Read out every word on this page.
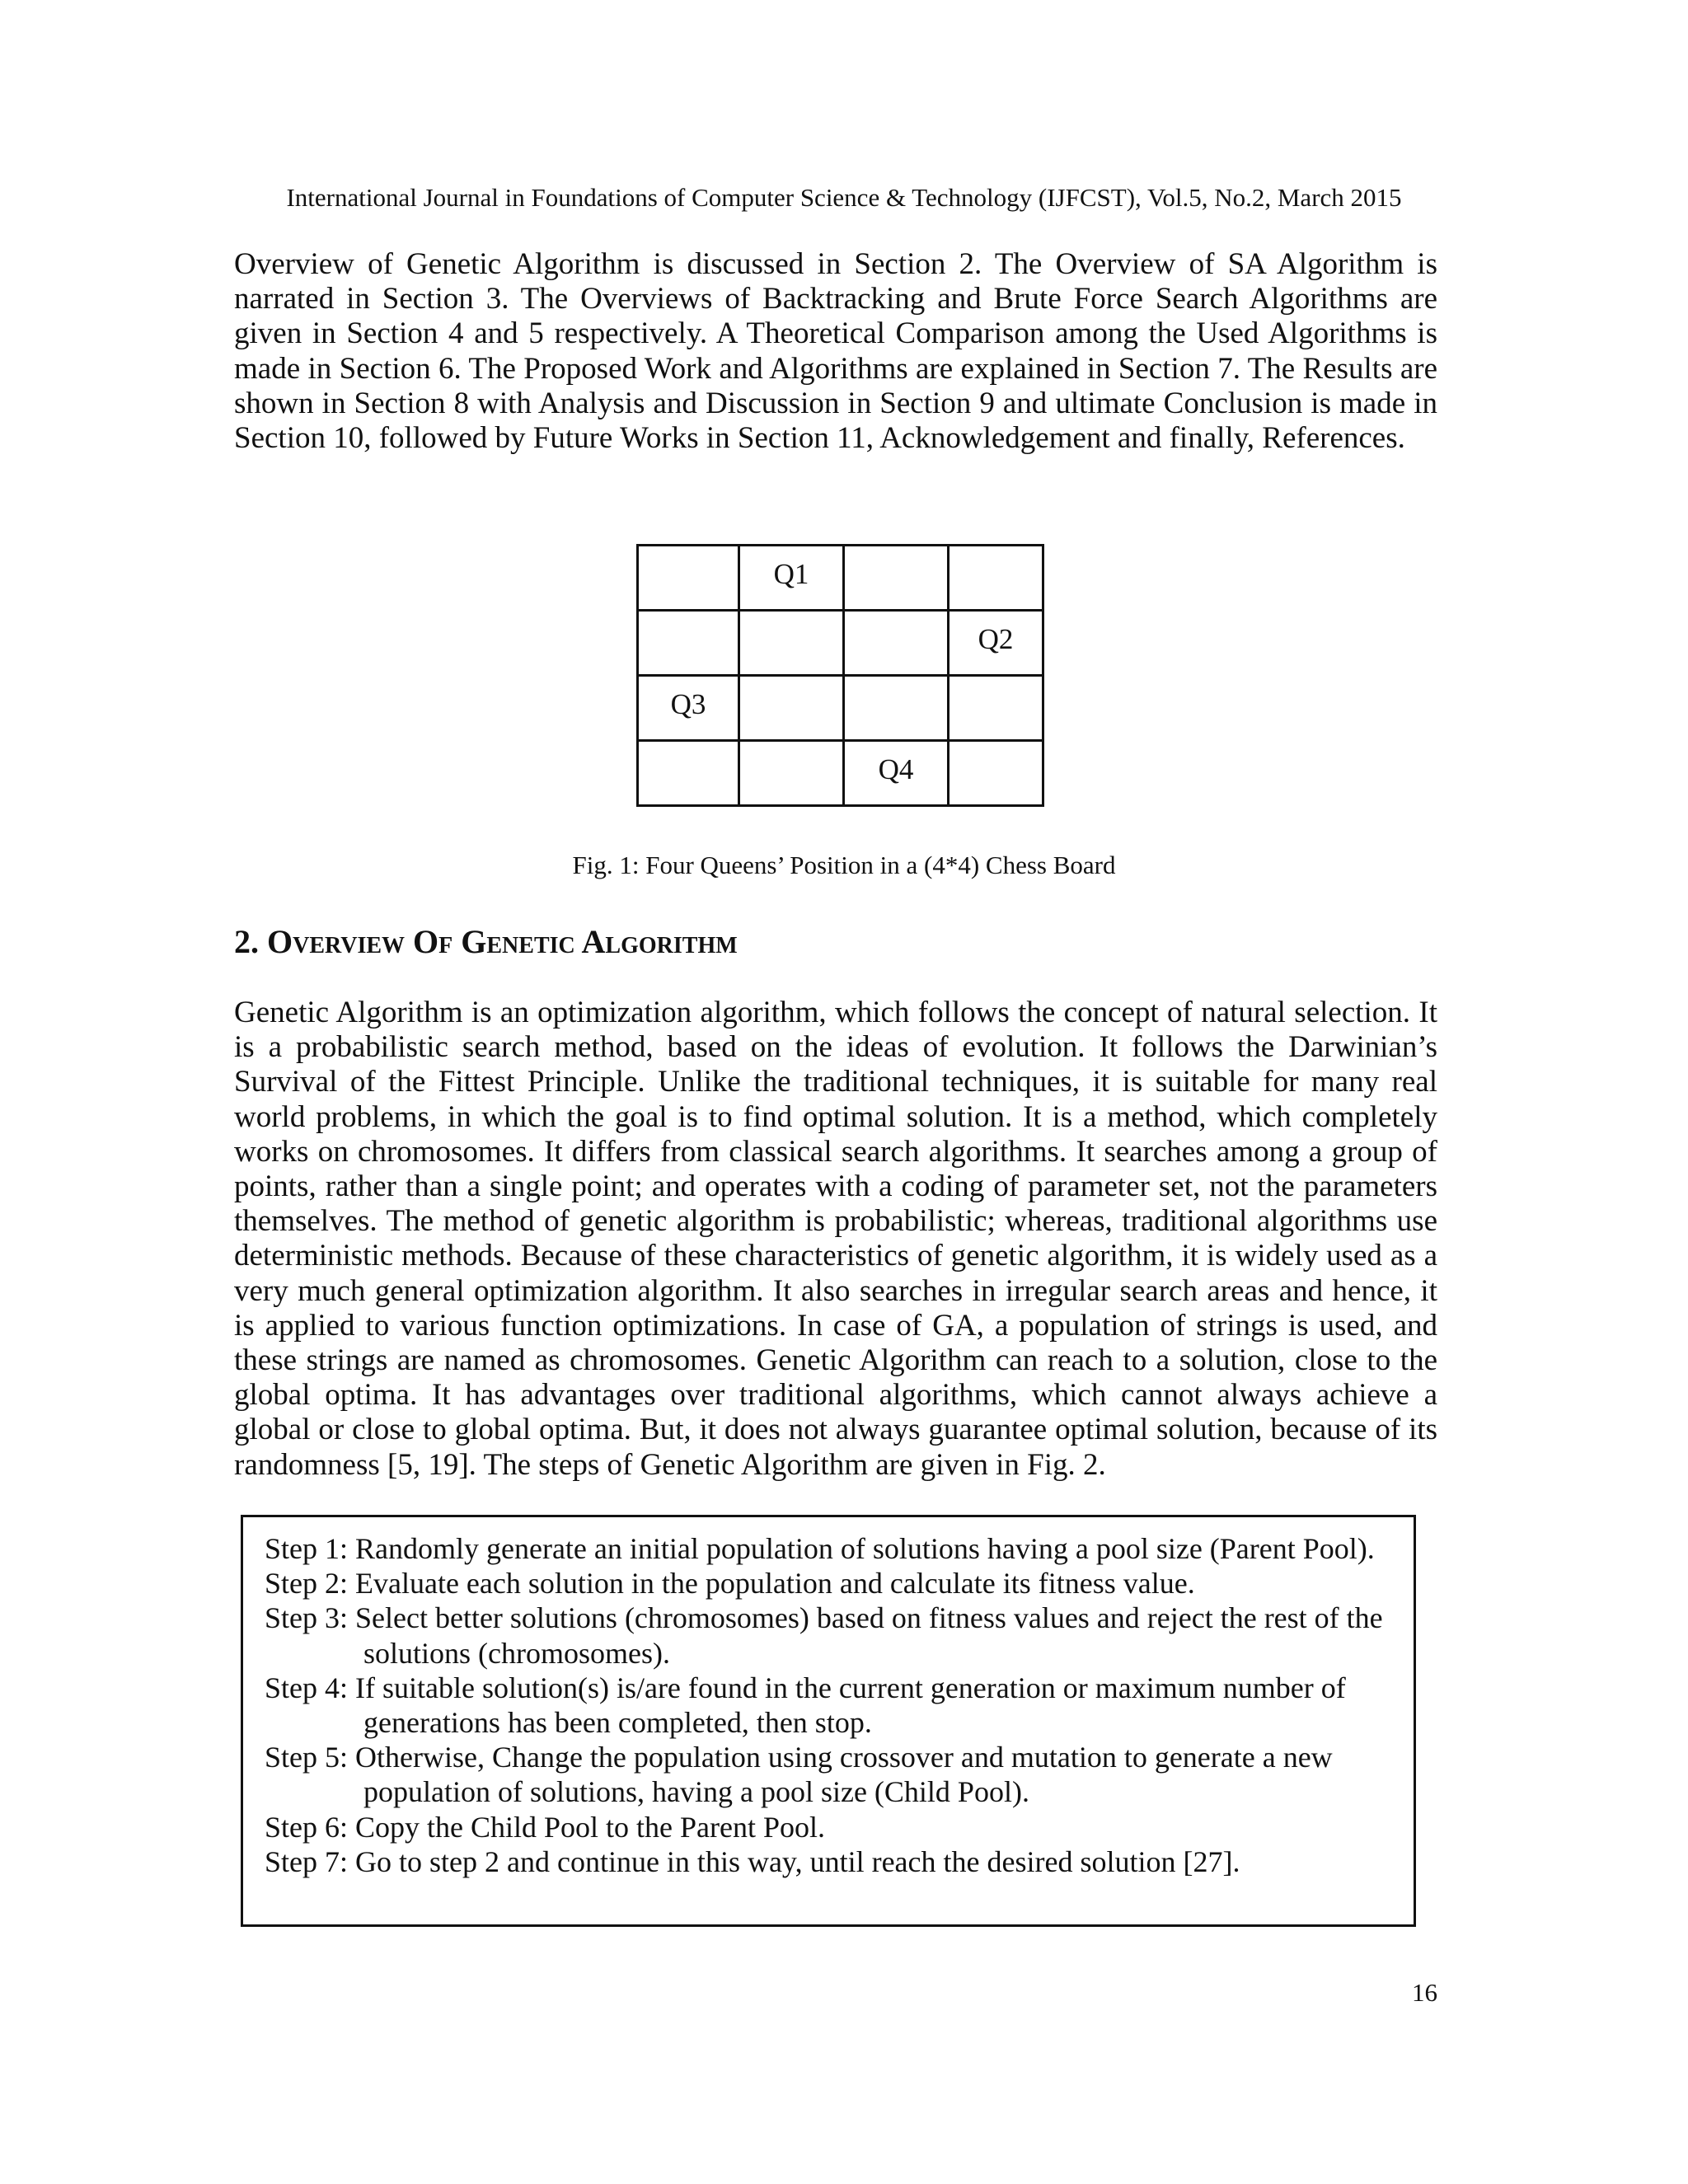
International Journal in Foundations of Computer Science & Technology (IJFCST), Vol.5, No.2, March 2015

Overview of Genetic Algorithm is discussed in Section 2. The Overview of SA Algorithm is narrated in Section 3. The Overviews of Backtracking and Brute Force Search Algorithms are given in Section 4 and 5 respectively. A Theoretical Comparison among the Used Algorithms is made in Section 6. The Proposed Work and Algorithms are explained in Section 7. The Results are shown in Section 8 with Analysis and Discussion in Section 9 and ultimate Conclusion is made in Section 10, followed by Future Works in Section 11, Acknowledgement and finally, References.

	Q1		
			Q2
Q3			
		Q4	
Fig. 1: Four Queens’ Position in a (4*4) Chess Board
2. Overview Of Genetic Algorithm

Genetic Algorithm is an optimization algorithm, which follows the concept of natural selection. It is a probabilistic search method, based on the ideas of evolution. It follows the Darwinian’s Survival of the Fittest Principle. Unlike the traditional techniques, it is suitable for many real world problems, in which the goal is to find optimal solution. It is a method, which completely works on chromosomes. It differs from classical search algorithms. It searches among a group of points, rather than a single point; and operates with a coding of parameter set, not the parameters themselves. The method of genetic algorithm is probabilistic; whereas, traditional algorithms use deterministic methods. Because of these characteristics of genetic algorithm, it is widely used as a very much general optimization algorithm. It also searches in irregular search areas and hence, it is applied to various function optimizations. In case of GA, a population of strings is used, and these strings are named as chromosomes. Genetic Algorithm can reach to a solution, close to the global optima. It has advantages over traditional algorithms, which cannot always achieve a global or close to global optima. But, it does not always guarantee optimal solution, because of its randomness [5, 19]. The steps of Genetic Algorithm are given in Fig. 2.

Step 1: Randomly generate an initial population of solutions having a pool size (Parent Pool).

Step 2: Evaluate each solution in the population and calculate its fitness value.

Step 3: Select better solutions (chromosomes) based on fitness values and reject the rest of the solutions (chromosomes).

Step 4: If suitable solution(s) is/are found in the current generation or maximum number of generations has been completed, then stop.

Step 5: Otherwise, Change the population using crossover and mutation to generate a new population of solutions, having a pool size (Child Pool).

Step 6: Copy the Child Pool to the Parent Pool.

Step 7: Go to step 2 and continue in this way, until reach the desired solution [27].

16
